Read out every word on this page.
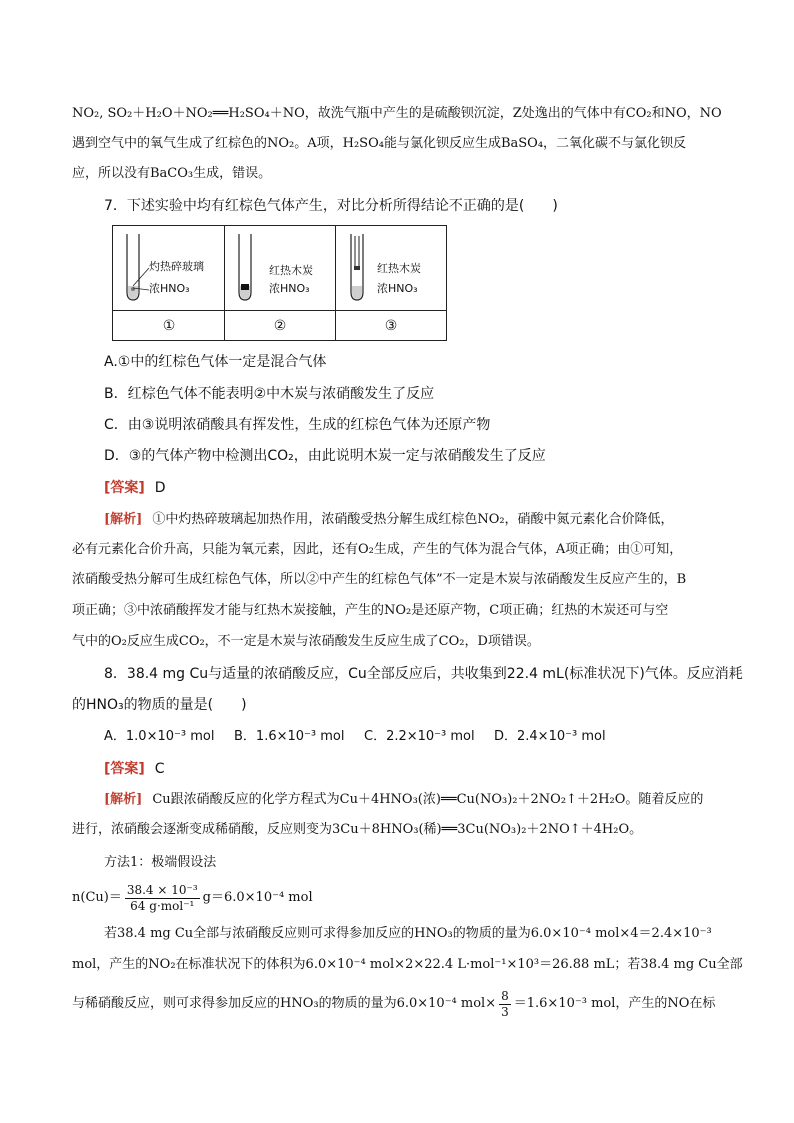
NO₂, SO₂＋H₂O＋NO₂══H₂SO₄＋NO，故洗气瓶中产生的是硫酸钡沉淀，Z处逸出的气体中有CO₂和NO，NO
遇到空气中的氧气生成了红棕色的NO₂。A项，H₂SO₄能与氯化钡反应生成BaSO₄，二氧化碳不与氯化钡反
应，所以没有BaCO₃生成，错误。
7．下述实验中均有红棕色气体产生，对比分析所得结论不正确的是(　　)
灼热碎玻璃
浓HNO₃
红热木炭
浓HNO₃
红热木炭
浓HNO₃
①	②	③
A.①中的红棕色气体一定是混合气体
B．红棕色气体不能表明②中木炭与浓硝酸发生了反应
C．由③说明浓硝酸具有挥发性，生成的红棕色气体为还原产物
D．③的气体产物中检测出CO₂，由此说明木炭一定与浓硝酸发生了反应
[答案] D
[解析] ①中灼热碎玻璃起加热作用，浓硝酸受热分解生成红棕色NO₂，硝酸中氮元素化合价降低，
必有元素化合价升高，只能为氧元素，因此，还有O₂生成，产生的气体为混合气体，A项正确；由①可知，
浓硝酸受热分解可生成红棕色气体，所以②中产生的红棕色气体”不一定是木炭与浓硝酸发生反应产生的，B
项正确；③中浓硝酸挥发才能与红热木炭接触，产生的NO₂是还原产物，C项正确；红热的木炭还可与空
气中的O₂反应生成CO₂，不一定是木炭与浓硝酸发生反应生成了CO₂，D项错误。
8．38.4 mg Cu与适量的浓硝酸反应，Cu全部反应后，共收集到22.4 mL(标准状况下)气体。反应消耗
的HNO₃的物质的量是(　　)
A．1.0×10⁻³ mol B．1.6×10⁻³ mol C．2.2×10⁻³ mol D．2.4×10⁻³ mol
[答案] C
[解析] Cu跟浓硝酸反应的化学方程式为Cu＋4HNO₃(浓)══Cu(NO₃)₂＋2NO₂↑＋2H₂O。随着反应的
进行，浓硝酸会逐渐变成稀硝酸，反应则变为3Cu＋8HNO₃(稀)══3Cu(NO₃)₂＋2NO↑＋4H₂O。
方法1：极端假设法
$n(Cu)= \frac{\text{38.4 × 10⁻³}}{\text{64 g·mol⁻¹}} g=6.0\times 10^{-4}$ mol
若38.4 mg Cu全部与浓硝酸反应则可求得参加反应的HNO₃的物质的量为6.0×10⁻⁴ mol×4＝2.4×10⁻³
mol，产生的NO₂在标准状况下的体积为6.0×10⁻⁴ mol×2×22.4 L·mol⁻¹×10³＝26.88 mL；若38.4 mg Cu全部
与稀硝酸反应，则可求得参加反应的HNO₃的物质的量为6.0×10⁻⁴ $mol\times \frac{8}{3} =1.6\times 10^{-3}$ mol，产生的NO在标
